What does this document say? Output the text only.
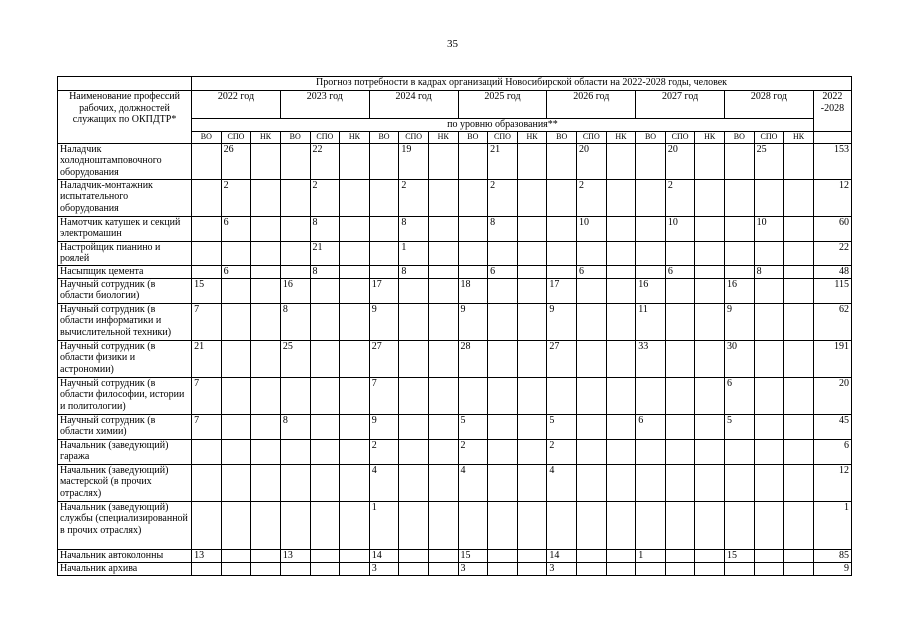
35
	Прогноз потребности в кадрах организаций Новосибирской области на 2022-2028 годы, человек																					
Наименование профессий рабочих, должностей служащих по ОКПДТР*	2022 год			2023 год			2024 год			2025 год			2026 год			2027 год			2028 год			2022 -2028
	по уровню образования**																					
	ВО	СПО	НК	ВО	СПО	НК	ВО	СПО	НК	ВО	СПО	НК	ВО	СПО	НК	ВО	СПО	НК	ВО	СПО	НК	
Наладчик холодноштамповочного оборудования		26			22			19			21			20			20			25		153
Наладчик-монтажник испытательного оборудования		2			2			2			2			2			2					12
Намотчик катушек и секций электромашин		6			8			8			8			10			10			10		60
Настройщик пианино и роялей					21			1														22
Насыпщик цемента		6			8			8			6			6			6			8		48
Научный сотрудник (в области биологии)	15			16			17			18			17			16			16			115
Научный сотрудник (в области информатики и вычислительной техники)	7			8			9			9			9			11			9			62
Научный сотрудник (в области физики и астрономии)	21			25			27			28			27			33			30			191
Научный сотрудник (в области философии, истории и политологии)	7						7												6			20
Научный сотрудник (в области химии)	7			8			9			5			5			6			5			45
Начальник (заведующий) гаража							2			2			2									6
Начальник (заведующий) мастерской (в прочих отраслях)							4			4			4									12
Начальник (заведующий) службы (специализированной в прочих отраслях)							1															1
Начальник автоколонны	13			13			14			15			14			1			15			85
Начальник архива							3			3			3									9
